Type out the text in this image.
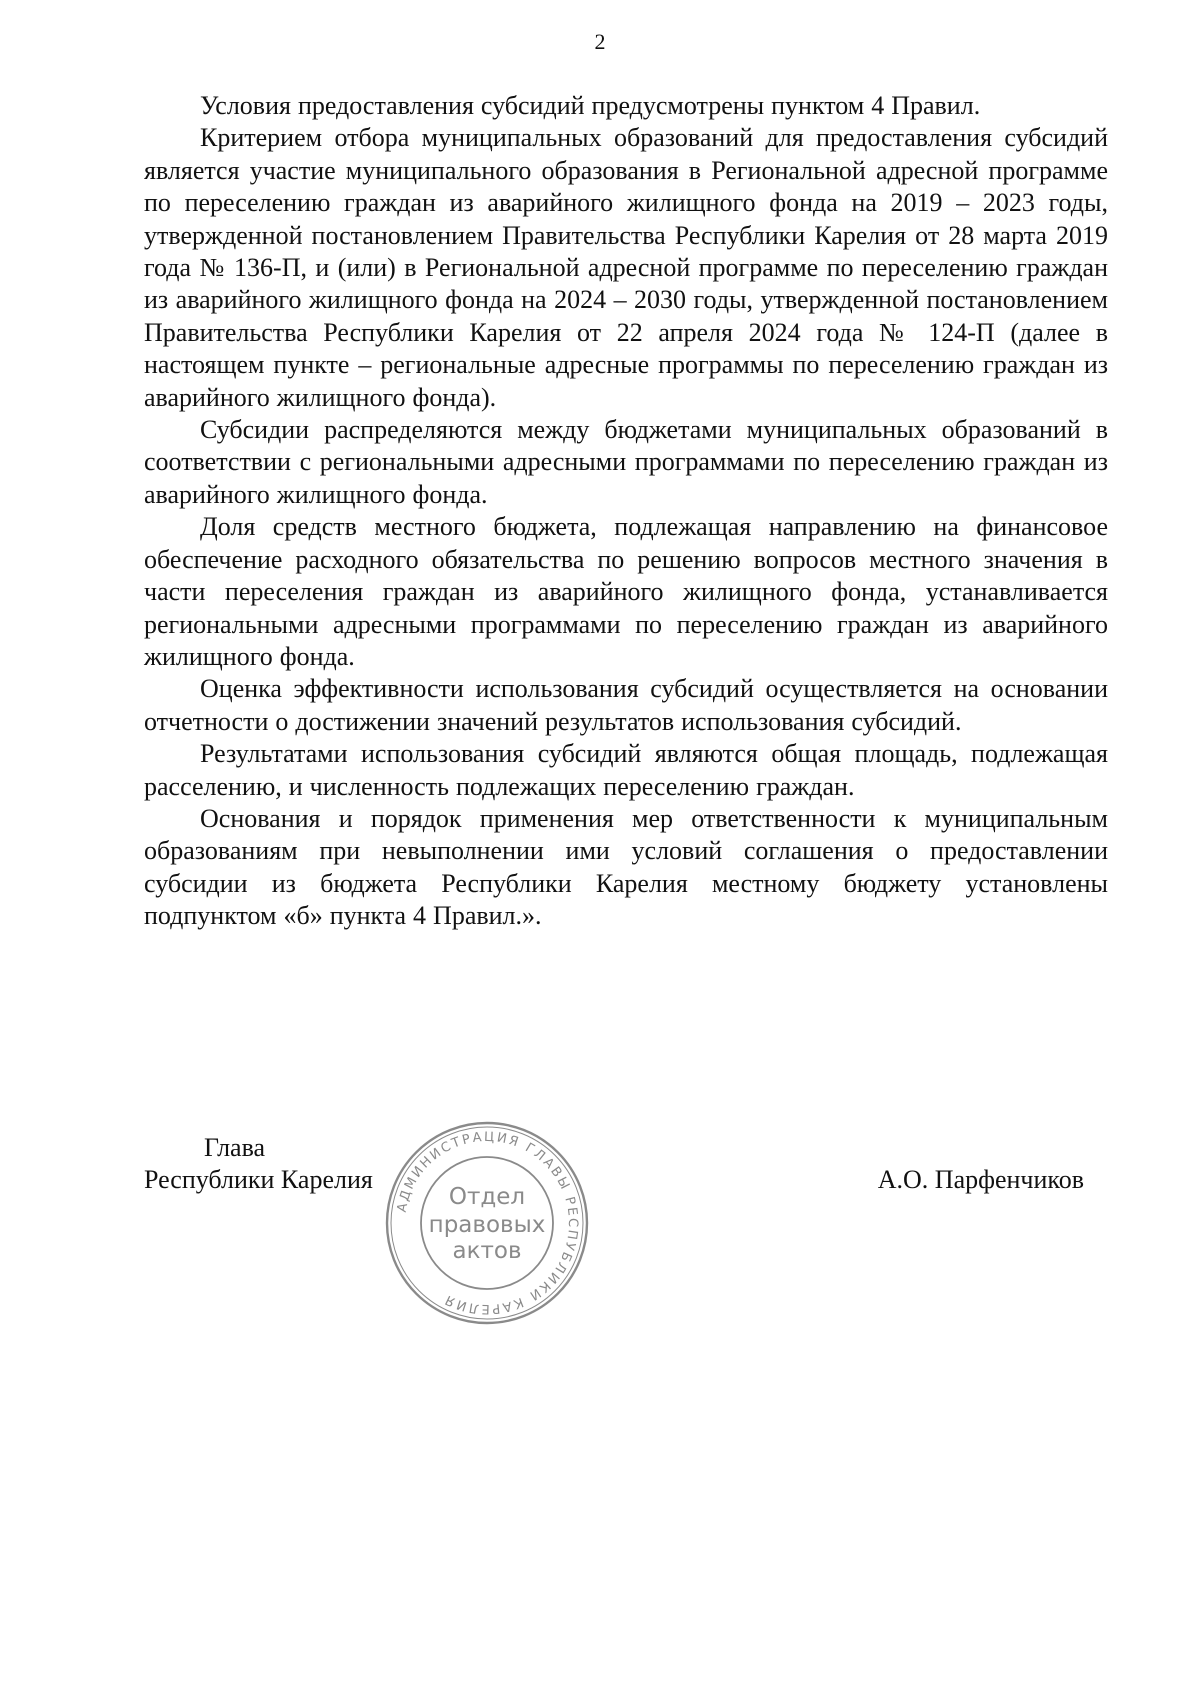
2

Условия предоставления субсидий предусмотрены пунктом 4 Правил.

Критерием отбора муниципальных образований для предоставления субсидий является участие муниципального образования в Региональной адресной программе по переселению граждан из аварийного жилищного фонда на 2019 – 2023 годы, утвержденной постановлением Правительства Республики Карелия от 28 марта 2019 года № 136-П, и (или) в Региональной адресной программе по переселению граждан из аварийного жилищного фонда на 2024 – 2030 годы, утвержденной постановлением Правительства Республики Карелия от 22 апреля 2024 года № 124-П (далее в настоящем пункте – региональные адресные программы по переселению граждан из аварийного жилищного фонда).

Субсидии распределяются между бюджетами муниципальных образований в соответствии с региональными адресными программами по переселению граждан из аварийного жилищного фонда.

Доля средств местного бюджета, подлежащая направлению на финансовое обеспечение расходного обязательства по решению вопросов местного значения в части переселения граждан из аварийного жилищного фонда, устанавливается региональными адресными программами по переселению граждан из аварийного жилищного фонда.

Оценка эффективности использования субсидий осуществляется на основании отчетности о достижении значений результатов использования субсидий.

Результатами использования субсидий являются общая площадь, подлежащая расселению, и численность подлежащих переселению граждан.

Основания и порядок применения мер ответственности к муниципальным образованиям при невыполнении ими условий соглашения о предоставлении субсидии из бюджета Республики Карелия местному бюджету установлены подпунктом «б» пункта 4 Правил.».

Глава
Республики Карелия
АДМИНИСТРАЦИЯ ГЛАВЫ РЕСПУБЛИКИ КАРЕЛИЯ
Отдел
правовых
актов
А.О. Парфенчиков
